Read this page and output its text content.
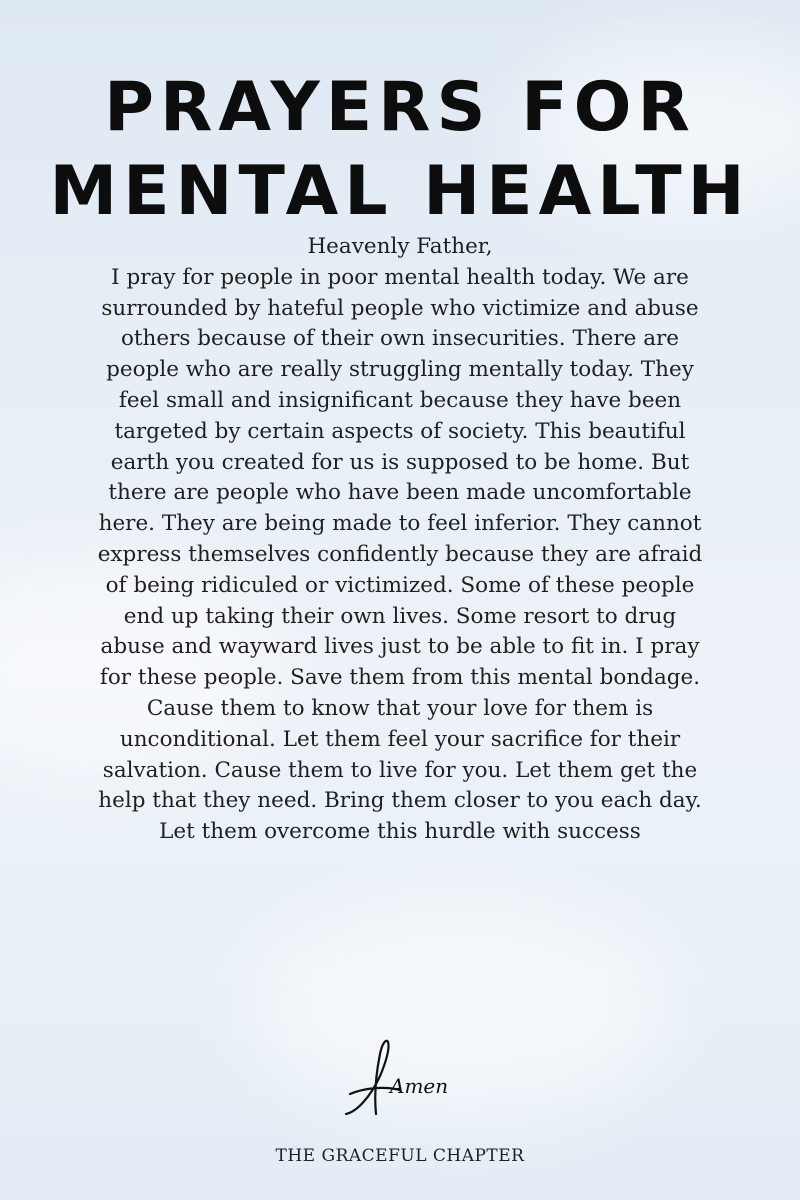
PRAYERS FOR
MENTAL HEALTH
Heavenly Father,
I pray for people in poor mental health today. We are
surrounded by hateful people who victimize and abuse
others because of their own insecurities. There are
people who are really struggling mentally today. They
feel small and insignificant because they have been
targeted by certain aspects of society. This beautiful
earth you created for us is supposed to be home. But
there are people who have been made uncomfortable
here. They are being made to feel inferior. They cannot
express themselves confidently because they are afraid
of being ridiculed or victimized. Some of these people
end up taking their own lives. Some resort to drug
abuse and wayward lives just to be able to fit in. I pray
for these people. Save them from this mental bondage.
Cause them to know that your love for them is
unconditional. Let them feel your sacrifice for their
salvation. Cause them to live for you. Let them get the
help that they need. Bring them closer to you each day.
Let them overcome this hurdle with success
Amen
THE GRACEFUL CHAPTER
